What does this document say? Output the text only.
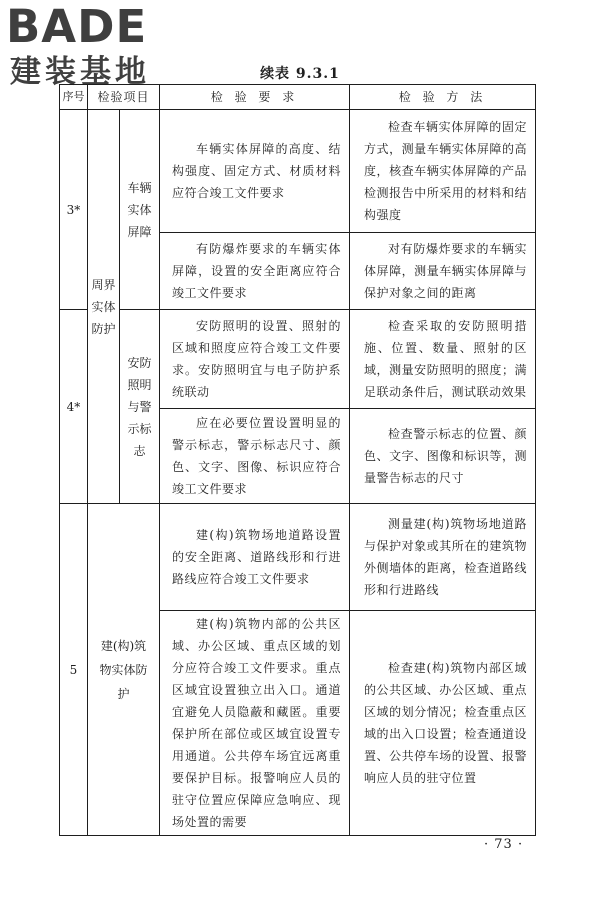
BADE
建装基地	续表 9.3.1
序号	检验项目		检 验 要 求	检 验 方 法
3*	周界实体防护	车辆实体屏障	车辆实体屏障的高度、结构强度、固定方式、材质材料应符合竣工文件要求	检查车辆实体屏障的固定方式，测量车辆实体屏障的高度，核查车辆实体屏障的产品检测报告中所采用的材料和结构强度
			有防爆炸要求的车辆实体屏障，设置的安全距离应符合竣工文件要求	对有防爆炸要求的车辆实体屏障，测量车辆实体屏障与保护对象之间的距离
4*		安防照明与警示标志	安防照明的设置、照射的区域和照度应符合竣工文件要求。安防照明宜与电子防护系统联动	检查采取的安防照明措施、位置、数量、照射的区域，测量安防照明的照度；满足联动条件后，测试联动效果
			应在必要位置设置明显的警示标志，警示标志尺寸、颜色、文字、图像、标识应符合竣工文件要求	检查警示标志的位置、颜色、文字、图像和标识等，测量警告标志的尺寸
5	建(构)筑物实体防护		建(构)筑物场地道路设置的安全距离、道路线形和行进路线应符合竣工文件要求	测量建(构)筑物场地道路与保护对象或其所在的建筑物外侧墙体的距离，检查道路线形和行进路线
			建(构)筑物内部的公共区域、办公区域、重点区域的划分应符合竣工文件要求。重点区域宜设置独立出入口。通道宜避免人员隐蔽和藏匿。重要保护所在部位或区域宜设置专用通道。公共停车场宜远离重要保护目标。报警响应人员的驻守位置应保障应急响应、现场处置的需要	检查建(构)筑物内部区域的公共区域、办公区域、重点区域的划分情况；检查重点区域的出入口设置；检查通道设置、公共停车场的设置、报警响应人员的驻守位置
· 73 ·
